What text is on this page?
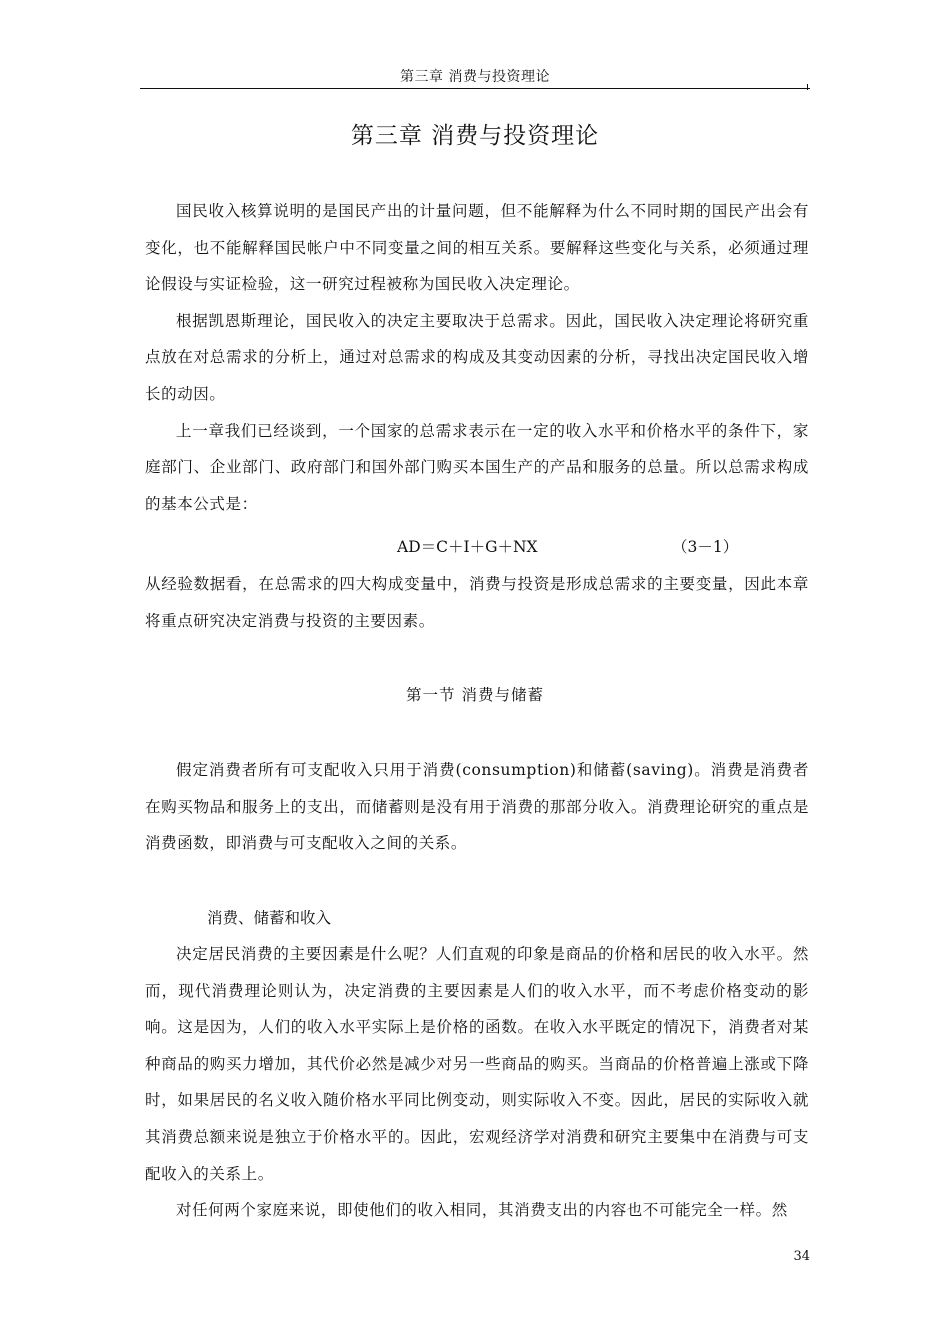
第三章 消费与投资理论
第三章 消费与投资理论

国民收入核算说明的是国民产出的计量问题，但不能解释为什么不同时期的国民产出会有变化，也不能解释国民帐户中不同变量之间的相互关系。要解释这些变化与关系，必须通过理论假设与实证检验，这一研究过程被称为国民收入决定理论。

根据凯恩斯理论，国民收入的决定主要取决于总需求。因此，国民收入决定理论将研究重点放在对总需求的分析上，通过对总需求的构成及其变动因素的分析，寻找出决定国民收入增长的动因。

上一章我们已经谈到，一个国家的总需求表示在一定的收入水平和价格水平的条件下，家庭部门、企业部门、政府部门和国外部门购买本国生产的产品和服务的总量。所以总需求构成的基本公式是：

AD＝C＋I＋G＋NX	（3－1）

从经验数据看，在总需求的四大构成变量中，消费与投资是形成总需求的主要变量，因此本章将重点研究决定消费与投资的主要因素。

第一节 消费与储蓄

假定消费者所有可支配收入只用于消费(consumption)和储蓄(saving)。消费是消费者在购买物品和服务上的支出，而储蓄则是没有用于消费的那部分收入。消费理论研究的重点是消费函数，即消费与可支配收入之间的关系。

消费、储蓄和收入

决定居民消费的主要因素是什么呢？人们直观的印象是商品的价格和居民的收入水平。然而，现代消费理论则认为，决定消费的主要因素是人们的收入水平，而不考虑价格变动的影响。这是因为，人们的收入水平实际上是价格的函数。在收入水平既定的情况下，消费者对某种商品的购买力增加，其代价必然是减少对另一些商品的购买。当商品的价格普遍上涨或下降时，如果居民的名义收入随价格水平同比例变动，则实际收入不变。因此，居民的实际收入就其消费总额来说是独立于价格水平的。因此，宏观经济学对消费和研究主要集中在消费与可支配收入的关系上。

对任何两个家庭来说，即使他们的收入相同，其消费支出的内容也不可能完全一样。然

34
